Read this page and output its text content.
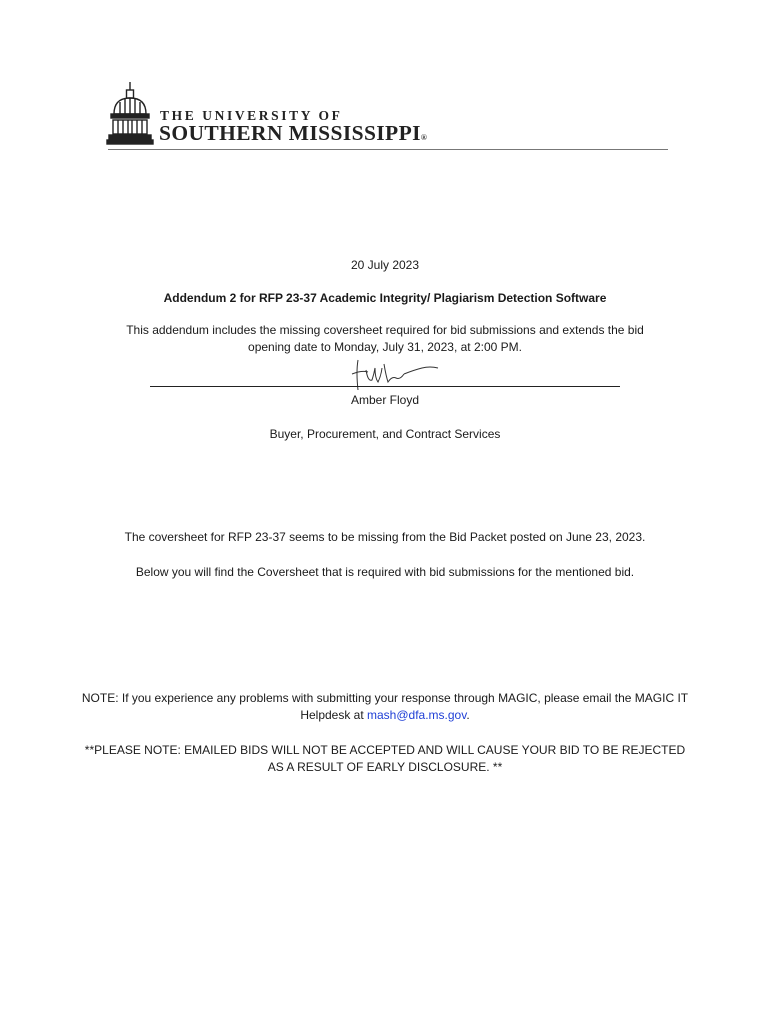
THE UNIVERSITY OF
SOUTHERN MISSISSIPPI®
20 July 2023
Addendum 2 for RFP 23-37 Academic Integrity/ Plagiarism Detection Software
This addendum includes the missing coversheet required for bid submissions and extends the bid opening date to Monday, July 31, 2023, at 2:00 PM.
Amber Floyd
Buyer, Procurement, and Contract Services
The coversheet for RFP 23-37 seems to be missing from the Bid Packet posted on June 23, 2023.
Below you will find the Coversheet that is required with bid submissions for the mentioned bid.
NOTE: If you experience any problems with submitting your response through MAGIC, please email the MAGIC IT Helpdesk at mash@dfa.ms.gov.
**PLEASE NOTE: EMAILED BIDS WILL NOT BE ACCEPTED AND WILL CAUSE YOUR BID TO BE REJECTED AS A RESULT OF EARLY DISCLOSURE. **
